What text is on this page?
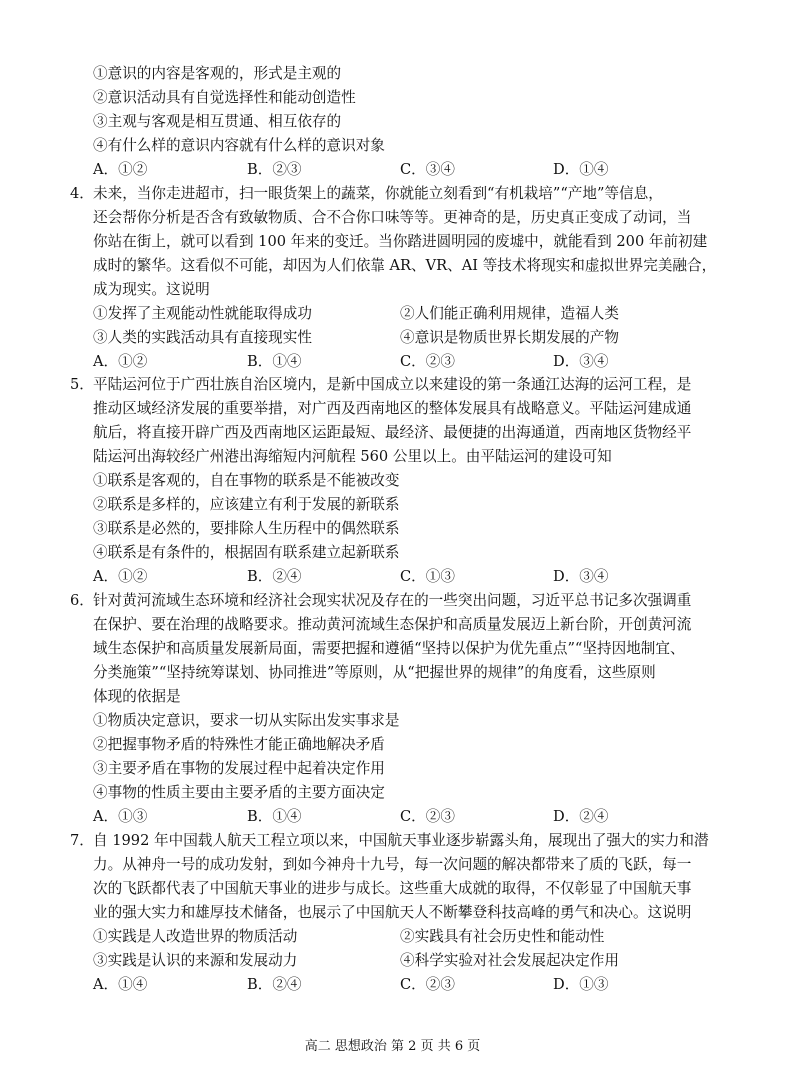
①意识的内容是客观的，形式是主观的
②意识活动具有自觉选择性和能动创造性
③主观与客观是相互贯通、相互依存的
④有什么样的意识内容就有什么样的意识对象
A．①②	B．②③	C．③④	D．①④
4． 未来，当你走进超市，扫一眼货架上的蔬菜，你就能立刻看到“有机栽培”“产地”等信息，
还会帮你分析是否含有致敏物质、合不合你口味等等。更神奇的是，历史真正变成了动词，当
你站在街上，就可以看到 100 年来的变迁。当你踏进圆明园的废墟中，就能看到 200 年前初建
成时的繁华。这看似不可能，却因为人们依靠 AR、VR、AI 等技术将现实和虚拟世界完美融合，
成为现实。这说明
①发挥了主观能动性就能取得成功	②人们能正确利用规律，造福人类
③人类的实践活动具有直接现实性	④意识是物质世界长期发展的产物
A．①②	B．①④	C．②③	D．③④
5． 平陆运河位于广西壮族自治区境内，是新中国成立以来建设的第一条通江达海的运河工程，是
推动区域经济发展的重要举措，对广西及西南地区的整体发展具有战略意义。平陆运河建成通
航后，将直接开辟广西及西南地区运距最短、最经济、最便捷的出海通道，西南地区货物经平
陆运河出海较经广州港出海缩短内河航程 560 公里以上。由平陆运河的建设可知
①联系是客观的，自在事物的联系是不能被改变
②联系是多样的，应该建立有利于发展的新联系
③联系是必然的，要排除人生历程中的偶然联系
④联系是有条件的，根据固有联系建立起新联系
A．①②	B．②④	C．①③	D．③④
6． 针对黄河流域生态环境和经济社会现实状况及存在的一些突出问题，习近平总书记多次强调重
在保护、要在治理的战略要求。推动黄河流域生态保护和高质量发展迈上新台阶，开创黄河流
域生态保护和高质量发展新局面，需要把握和遵循“坚持以保护为优先重点”“坚持因地制宜、
分类施策”“坚持统筹谋划、协同推进”等原则，从“把握世界的规律”的角度看，这些原则
体现的依据是
①物质决定意识，要求一切从实际出发实事求是
②把握事物矛盾的特殊性才能正确地解决矛盾
③主要矛盾在事物的发展过程中起着决定作用
④事物的性质主要由主要矛盾的主要方面决定
A．①③	B．①④	C．②③	D．②④
7． 自 1992 年中国载人航天工程立项以来，中国航天事业逐步崭露头角，展现出了强大的实力和潜
力。从神舟一号的成功发射，到如今神舟十九号，每一次问题的解决都带来了质的飞跃，每一
次的飞跃都代表了中国航天事业的进步与成长。这些重大成就的取得，不仅彰显了中国航天事
业的强大实力和雄厚技术储备，也展示了中国航天人不断攀登科技高峰的勇气和决心。这说明
①实践是人改造世界的物质活动	②实践具有社会历史性和能动性
③实践是认识的来源和发展动力	④科学实验对社会发展起决定作用
A．①④	B．②④	C．②③	D．①③
高二 思想政治 第 2 页 共 6 页
